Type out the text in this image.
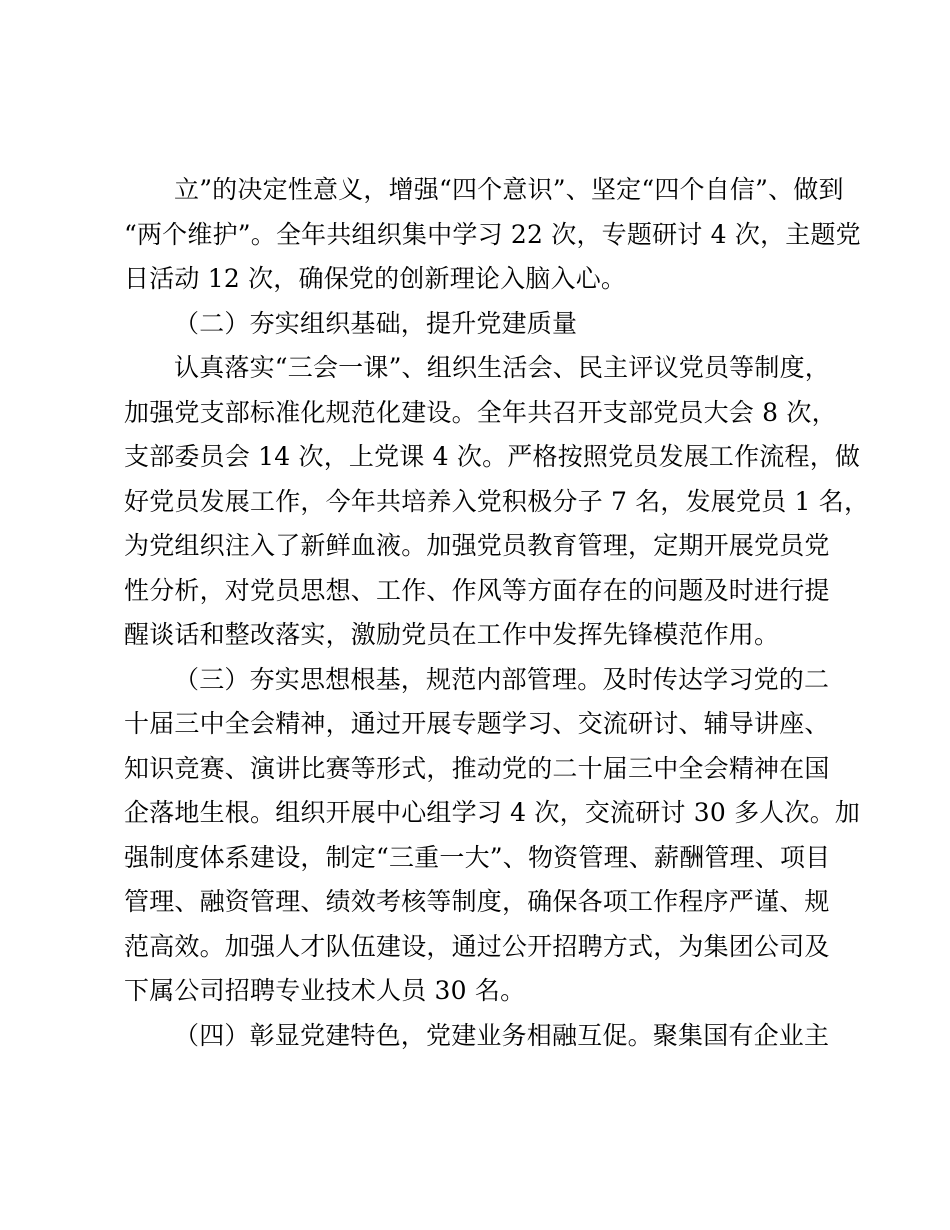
立”的决定性意义，增强“四个意识”、坚定“四个自信”、做到
“两个维护”。全年共组织集中学习 22 次，专题研讨 4 次，主题党
日活动 12 次，确保党的创新理论入脑入心。
（二）夯实组织基础，提升党建质量
认真落实“三会一课”、组织生活会、民主评议党员等制度，
加强党支部标准化规范化建设。全年共召开支部党员大会 8 次，
支部委员会 14 次，上党课 4 次。严格按照党员发展工作流程，做
好党员发展工作，今年共培养入党积极分子 7 名，发展党员 1 名，
为党组织注入了新鲜血液。加强党员教育管理，定期开展党员党
性分析，对党员思想、工作、作风等方面存在的问题及时进行提
醒谈话和整改落实，激励党员在工作中发挥先锋模范作用。
（三）夯实思想根基，规范内部管理。及时传达学习党的二
十届三中全会精神，通过开展专题学习、交流研讨、辅导讲座、
知识竞赛、演讲比赛等形式，推动党的二十届三中全会精神在国
企落地生根。组织开展中心组学习 4 次，交流研讨 30 多人次。加
强制度体系建设，制定“三重一大”、物资管理、薪酬管理、项目
管理、融资管理、绩效考核等制度，确保各项工作程序严谨、规
范高效。加强人才队伍建设，通过公开招聘方式，为集团公司及
下属公司招聘专业技术人员 30 名。
（四）彰显党建特色，党建业务相融互促。聚集国有企业主
